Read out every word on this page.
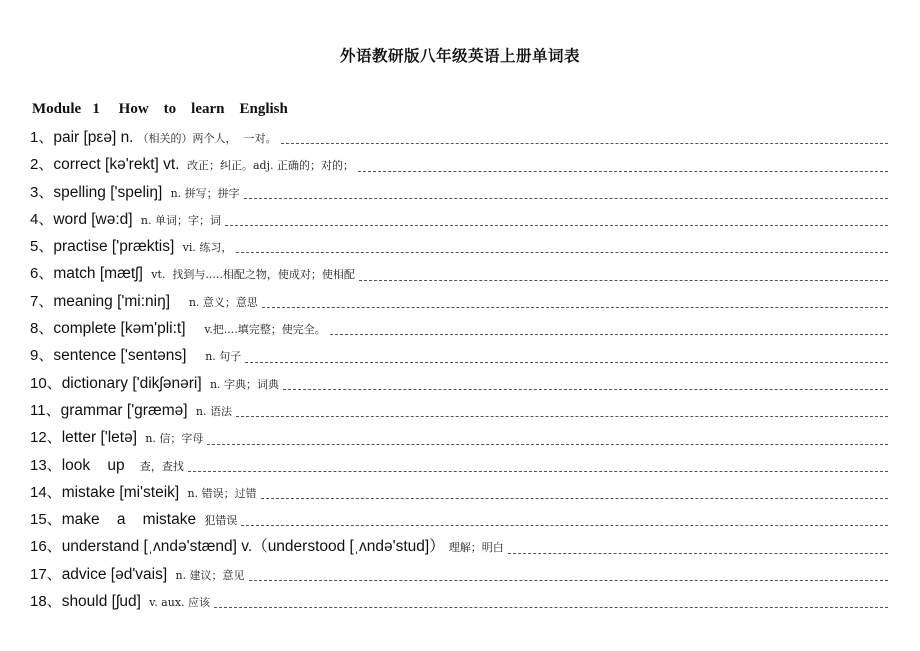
外语教研版八年级英语上册单词表
Module   1     How    to    learn    English
1、 pair [pεə] n. （相关的）两个人，  一对。
2、 correct [kə'rekt] vt. 改正；纠正。adj. 正确的；对的；
3、 spelling ['speliŋ] n. 拼写；拼字
4、 word [wə:d] n. 单词；字；词
5、 practise ['præktis] vi. 练习，
6、 match [mætʃ] vt.  找到与.....相配之物，使成对；使相配
7、 meaning ['mi:niŋ] n. 意义；意思
8、 complete [kəm'pli:t] v.把....填完整；使完全。
9、 sentence ['sentəns] n. 句子
10、 dictionary ['dikʃənəri] n. 字典；词典
11、 grammar ['ɡræmə] n. 语法
12、 letter ['letə] n. 信；字母
13、 look    up 查，查找
14、 mistake [mi'steik] n. 错误；过错
15、 make    a    mistake 犯错误
16、 understand [ˌʌndə'stænd] v.（understood [ˌʌndə'stud]） 理解；明白
17、 advice [əd'vais] n. 建议；意见
18、 should [ʃud] v. aux. 应该
